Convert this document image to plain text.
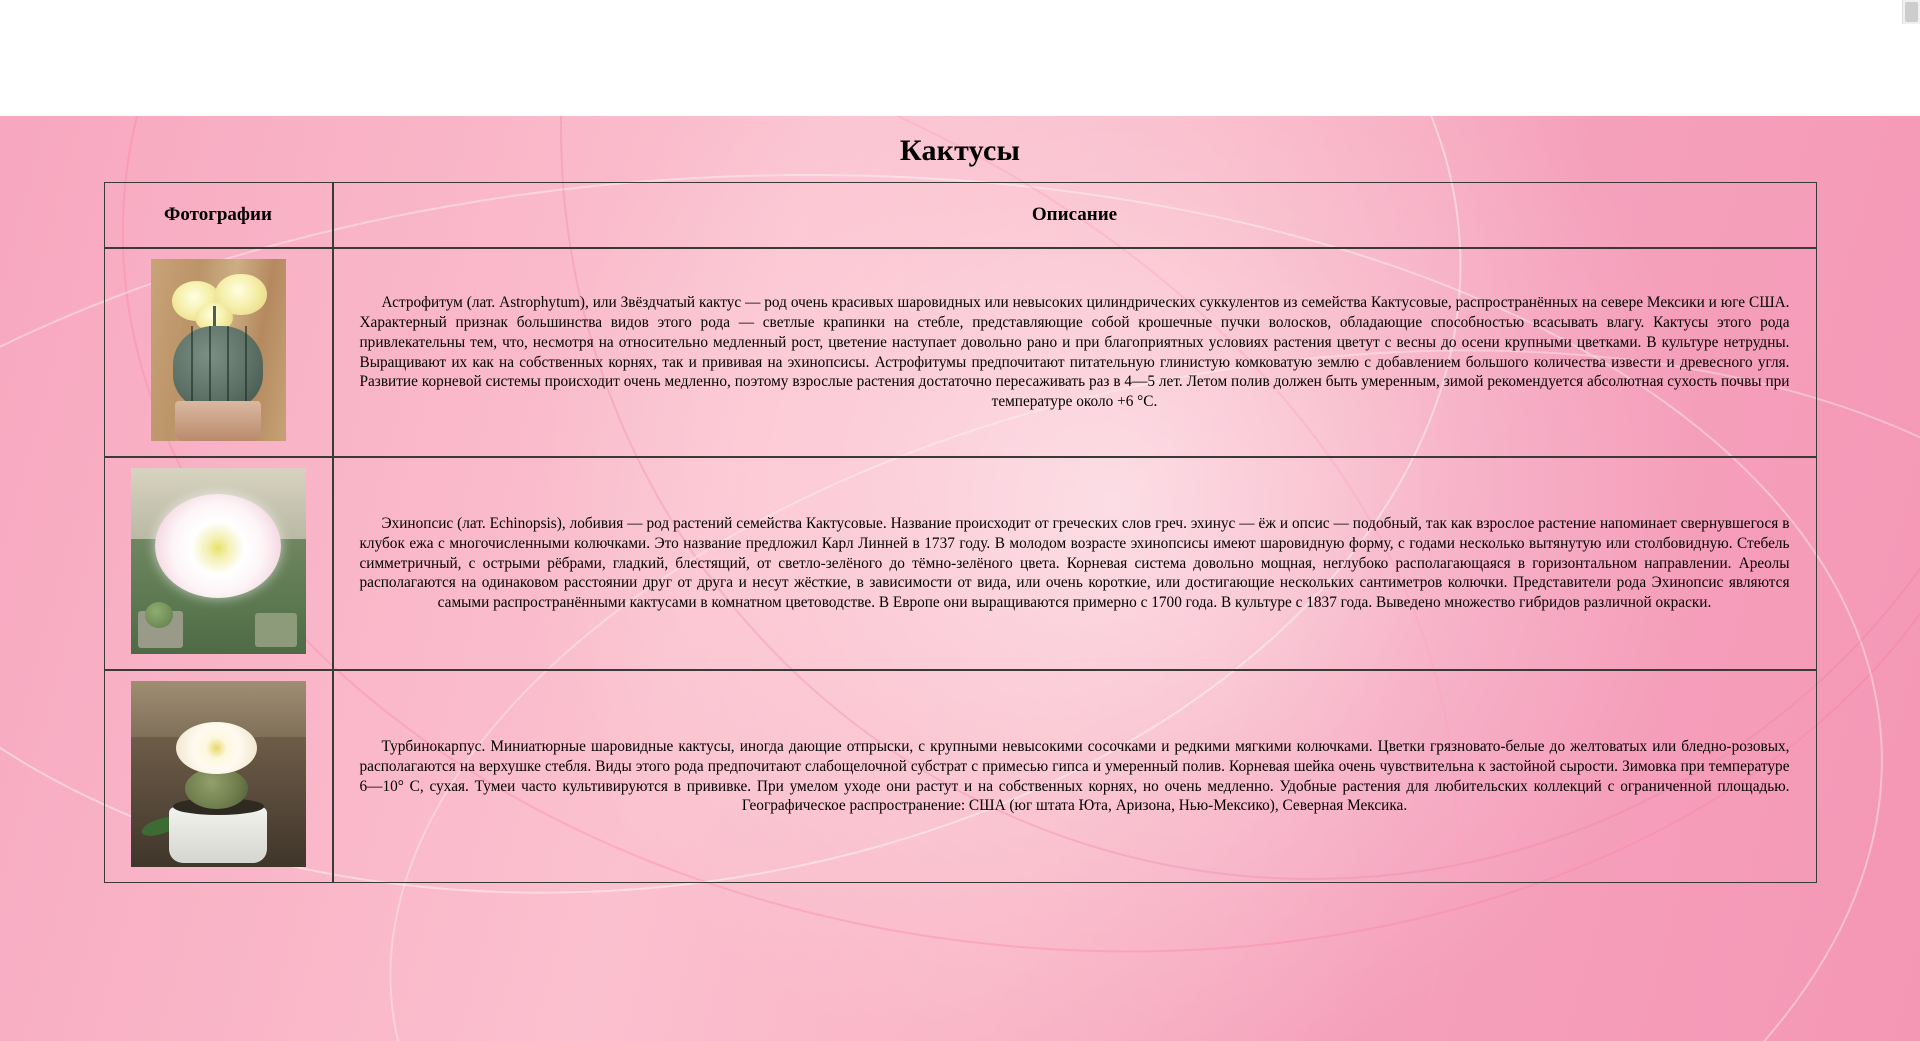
Кактусы
Фотографии	Описание

	Астрофитум (лат. Astrophytum), или Звёздчатый кактус — род очень красивых шаровидных или невысоких цилиндрических суккулентов из семейства Кактусовые, распространённых на севере Мексики и юге США. Характерный признак большинства видов этого рода — светлые крапинки на стебле, представляющие собой крошечные пучки волосков, обладающие способностью всасывать влагу. Кактусы этого рода привлекательны тем, что, несмотря на относительно медленный рост, цветение наступает довольно рано и при благоприятных условиях растения цветут с весны до осени крупными цветками. В культуре нетрудны. Выращивают их как на собственных корнях, так и прививая на эхинопсисы. Астрофитумы предпочитают питательную глинистую комковатую землю с добавлением большого количества извести и древесного угля. Развитие корневой системы происходит очень медленно, поэтому взрослые растения достаточно пересаживать раз в 4—5 лет. Летом полив должен быть умеренным, зимой рекомендуется абсолютная сухость почвы при температуре около +6 °C.

	Эхинопсис (лат. Echinopsis), лобивия — род растений семейства Кактусовые. Название происходит от греческих слов греч. эхинус — ёж и опсис — подобный, так как взрослое растение напоминает свернувшегося в клубок ежа с многочисленными колючками. Это название предложил Карл Линней в 1737 году. В молодом возрасте эхинопсисы имеют шаровидную форму, с годами несколько вытянутую или столбовидную. Стебель симметричный, с острыми рёбрами, гладкий, блестящий, от светло-зелёного до тёмно-зелёного цвета. Корневая система довольно мощная, неглубоко располагающаяся в горизонтальном направлении. Ареолы располагаются на одинаковом расстоянии друг от друга и несут жёсткие, в зависимости от вида, или очень короткие, или достигающие нескольких сантиметров колючки. Представители рода Эхинопсис являются самыми распространёнными кактусами в комнатном цветоводстве. В Европе они выращиваются примерно с 1700 года. В культуре с 1837 года. Выведено множество гибридов различной окраски.

	Турбинокарпус. Миниатюрные шаровидные кактусы, иногда дающие отпрыски, с крупными невысокими сосочками и редкими мягкими колючками. Цветки грязновато-белые до желтоватых или бледно-розовых, располагаются на верхушке стебля. Виды этого рода предпочитают слабощелочной субстрат с примесью гипса и умеренный полив. Корневая шейка очень чувствительна к застойной сырости. Зимовка при температуре 6—10° С, сухая. Тумеи часто культивируются в прививке. При умелом уходе они растут и на собственных корнях, но очень медленно. Удобные растения для любительских коллекций с ограниченной площадью. Географическое распространение: США (юг штата Юта, Аризона, Нью-Мексико), Северная Мексика.
